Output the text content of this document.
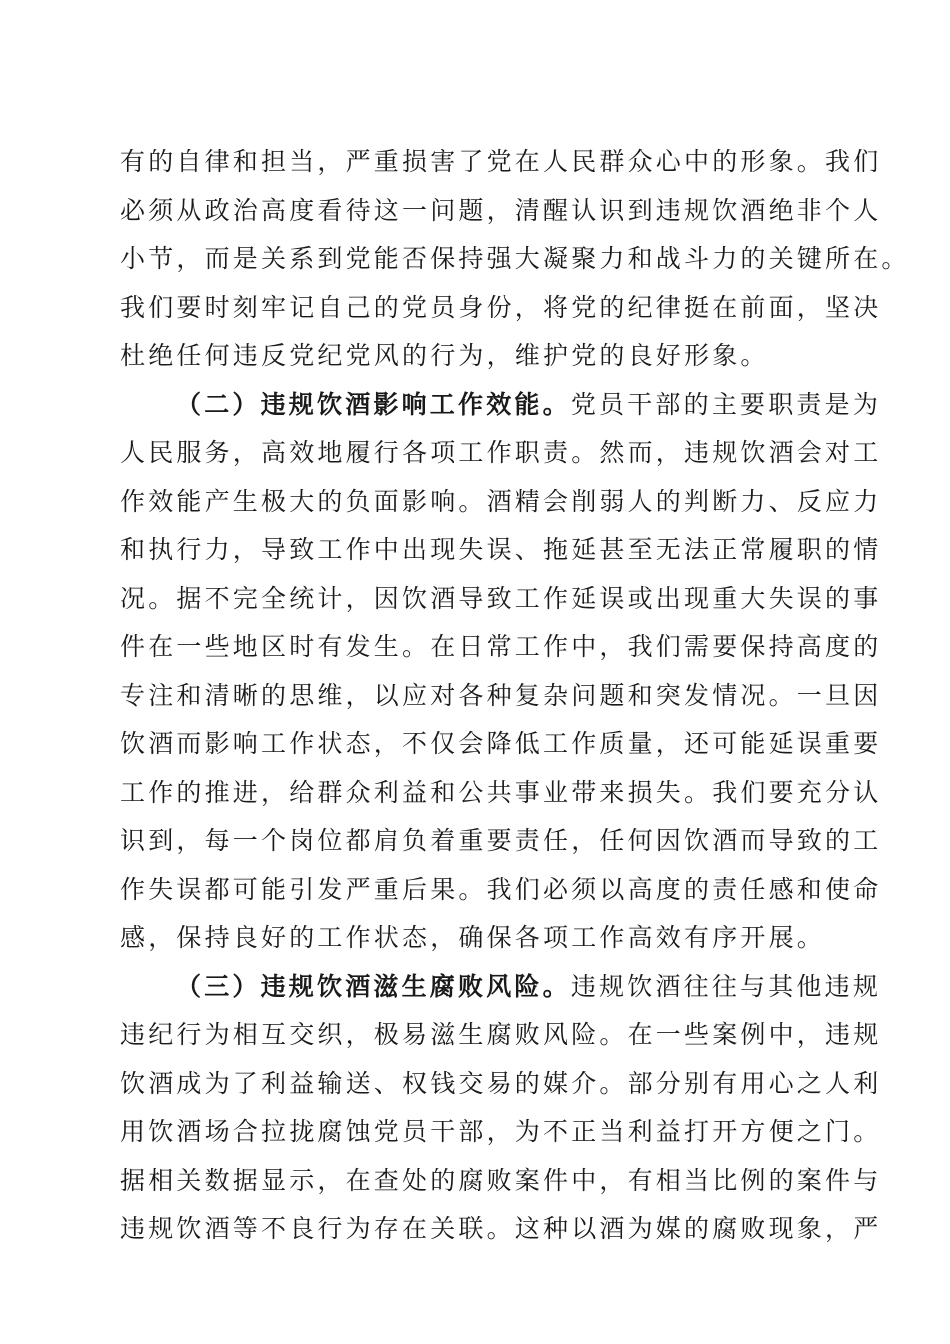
有的自律和担当，严重损害了党在人民群众心中的形象。我们
必须从政治高度看待这一问题，清醒认识到违规饮酒绝非个人
小节，而是关系到党能否保持强大凝聚力和战斗力的关键所在。
我们要时刻牢记自己的党员身份，将党的纪律挺在前面，坚决
杜绝任何违反党纪党风的行为，维护党的良好形象。
（二）违规饮酒影响工作效能。党员干部的主要职责是为
人民服务，高效地履行各项工作职责。然而，违规饮酒会对工
作效能产生极大的负面影响。酒精会削弱人的判断力、反应力
和执行力，导致工作中出现失误、拖延甚至无法正常履职的情
况。据不完全统计，因饮酒导致工作延误或出现重大失误的事
件在一些地区时有发生。在日常工作中，我们需要保持高度的
专注和清晰的思维，以应对各种复杂问题和突发情况。一旦因
饮酒而影响工作状态，不仅会降低工作质量，还可能延误重要
工作的推进，给群众利益和公共事业带来损失。我们要充分认
识到，每一个岗位都肩负着重要责任，任何因饮酒而导致的工
作失误都可能引发严重后果。我们必须以高度的责任感和使命
感，保持良好的工作状态，确保各项工作高效有序开展。
（三）违规饮酒滋生腐败风险。违规饮酒往往与其他违规
违纪行为相互交织，极易滋生腐败风险。在一些案例中，违规
饮酒成为了利益输送、权钱交易的媒介。部分别有用心之人利
用饮酒场合拉拢腐蚀党员干部，为不正当利益打开方便之门。
据相关数据显示，在查处的腐败案件中，有相当比例的案件与
违规饮酒等不良行为存在关联。这种以酒为媒的腐败现象，严
